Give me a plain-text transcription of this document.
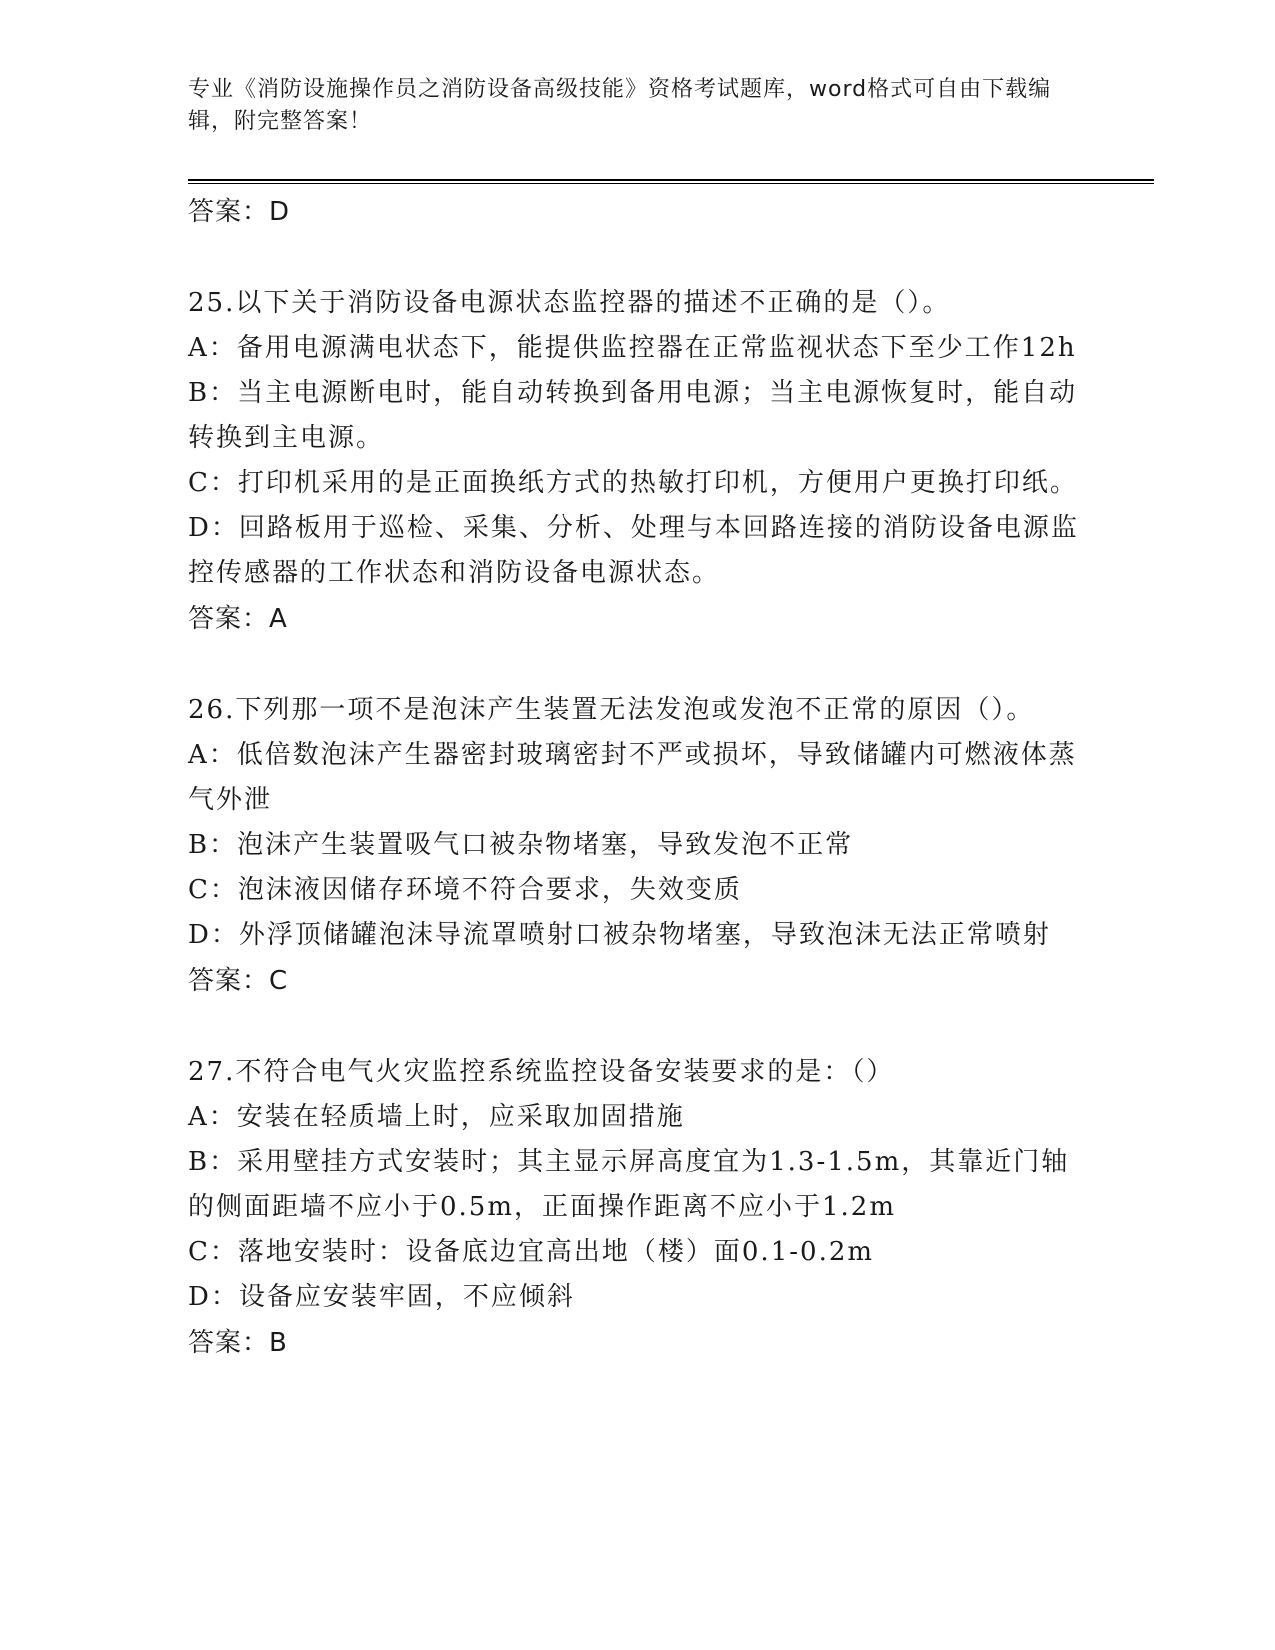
专业《消防设施操作员之消防设备高级技能》资格考试题库，word格式可自由下载编辑，附完整答案！
答案：D
25.以下关于消防设备电源状态监控器的描述不正确的是（）。
A：备用电源满电状态下，能提供监控器在正常监视状态下至少工作12h
B：当主电源断电时，能自动转换到备用电源；当主电源恢复时，能自动转换到主电源。
C：打印机采用的是正面换纸方式的热敏打印机，方便用户更换打印纸。
D：回路板用于巡检、采集、分析、处理与本回路连接的消防设备电源监控传感器的工作状态和消防设备电源状态。
答案：A
26.下列那一项不是泡沫产生装置无法发泡或发泡不正常的原因（）。
A：低倍数泡沫产生器密封玻璃密封不严或损坏，导致储罐内可燃液体蒸气外泄
B：泡沫产生装置吸气口被杂物堵塞，导致发泡不正常
C：泡沫液因储存环境不符合要求，失效变质
D：外浮顶储罐泡沫导流罩喷射口被杂物堵塞，导致泡沫无法正常喷射
答案：C
27.不符合电气火灾监控系统监控设备安装要求的是：（）
A：安装在轻质墙上时，应采取加固措施
B：采用壁挂方式安装时；其主显示屏高度宜为1.3-1.5m，其靠近门轴的侧面距墙不应小于0.5m，正面操作距离不应小于1.2m
C：落地安装时：设备底边宜高出地（楼）面0.1-0.2m
D：设备应安装牢固，不应倾斜
答案：B
